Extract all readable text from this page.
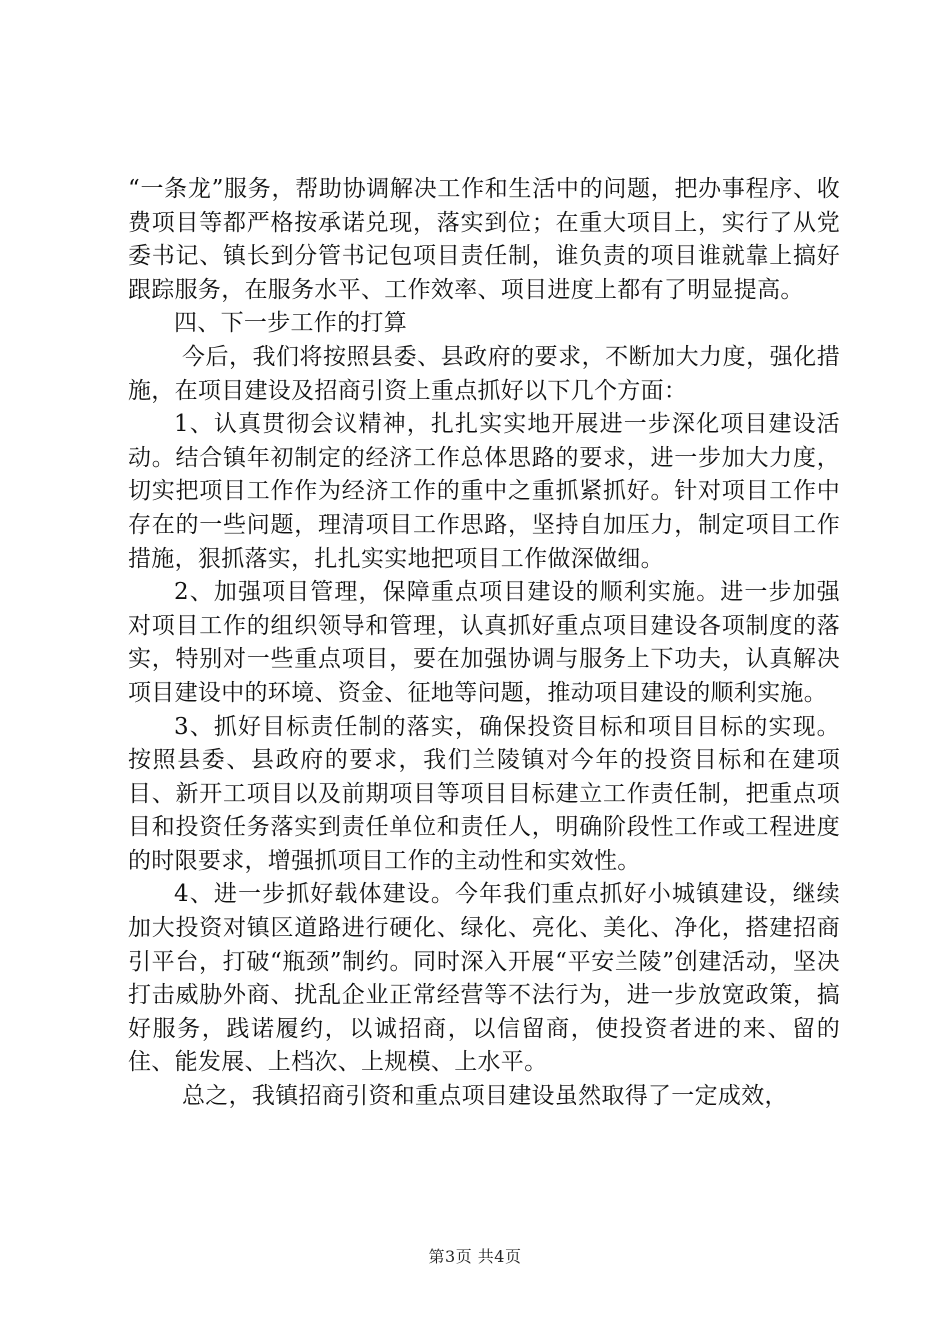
“一条龙”服务，帮助协调解决工作和生活中的问题，把办事程序、收费项目等都严格按承诺兑现，落实到位；在重大项目上，实行了从党委书记、镇长到分管书记包项目责任制，谁负责的项目谁就靠上搞好跟踪服务，在服务水平、工作效率、项目进度上都有了明显提高。

四、下一步工作的打算

今后，我们将按照县委、县政府的要求，不断加大力度，强化措施，在项目建设及招商引资上重点抓好以下几个方面：

1、认真贯彻会议精神，扎扎实实地开展进一步深化项目建设活动。结合镇年初制定的经济工作总体思路的要求，进一步加大力度，切实把项目工作作为经济工作的重中之重抓紧抓好。针对项目工作中存在的一些问题，理清项目工作思路，坚持自加压力，制定项目工作措施，狠抓落实，扎扎实实地把项目工作做深做细。

2、加强项目管理，保障重点项目建设的顺利实施。进一步加强对项目工作的组织领导和管理，认真抓好重点项目建设各项制度的落实，特别对一些重点项目，要在加强协调与服务上下功夫，认真解决项目建设中的环境、资金、征地等问题，推动项目建设的顺利实施。

3、抓好目标责任制的落实，确保投资目标和项目目标的实现。按照县委、县政府的要求，我们兰陵镇对今年的投资目标和在建项目、新开工项目以及前期项目等项目目标建立工作责任制，把重点项目和投资任务落实到责任单位和责任人，明确阶段性工作或工程进度的时限要求，增强抓项目工作的主动性和实效性。

4、进一步抓好载体建设。今年我们重点抓好小城镇建设，继续加大投资对镇区道路进行硬化、绿化、亮化、美化、净化，搭建招商引平台，打破“瓶颈”制约。同时深入开展“平安兰陵”创建活动，坚决打击威胁外商、扰乱企业正常经营等不法行为，进一步放宽政策，搞好服务，践诺履约，以诚招商，以信留商，使投资者进的来、留的住、能发展、上档次、上规模、上水平。

总之，我镇招商引资和重点项目建设虽然取得了一定成效，

第3页 共4页
